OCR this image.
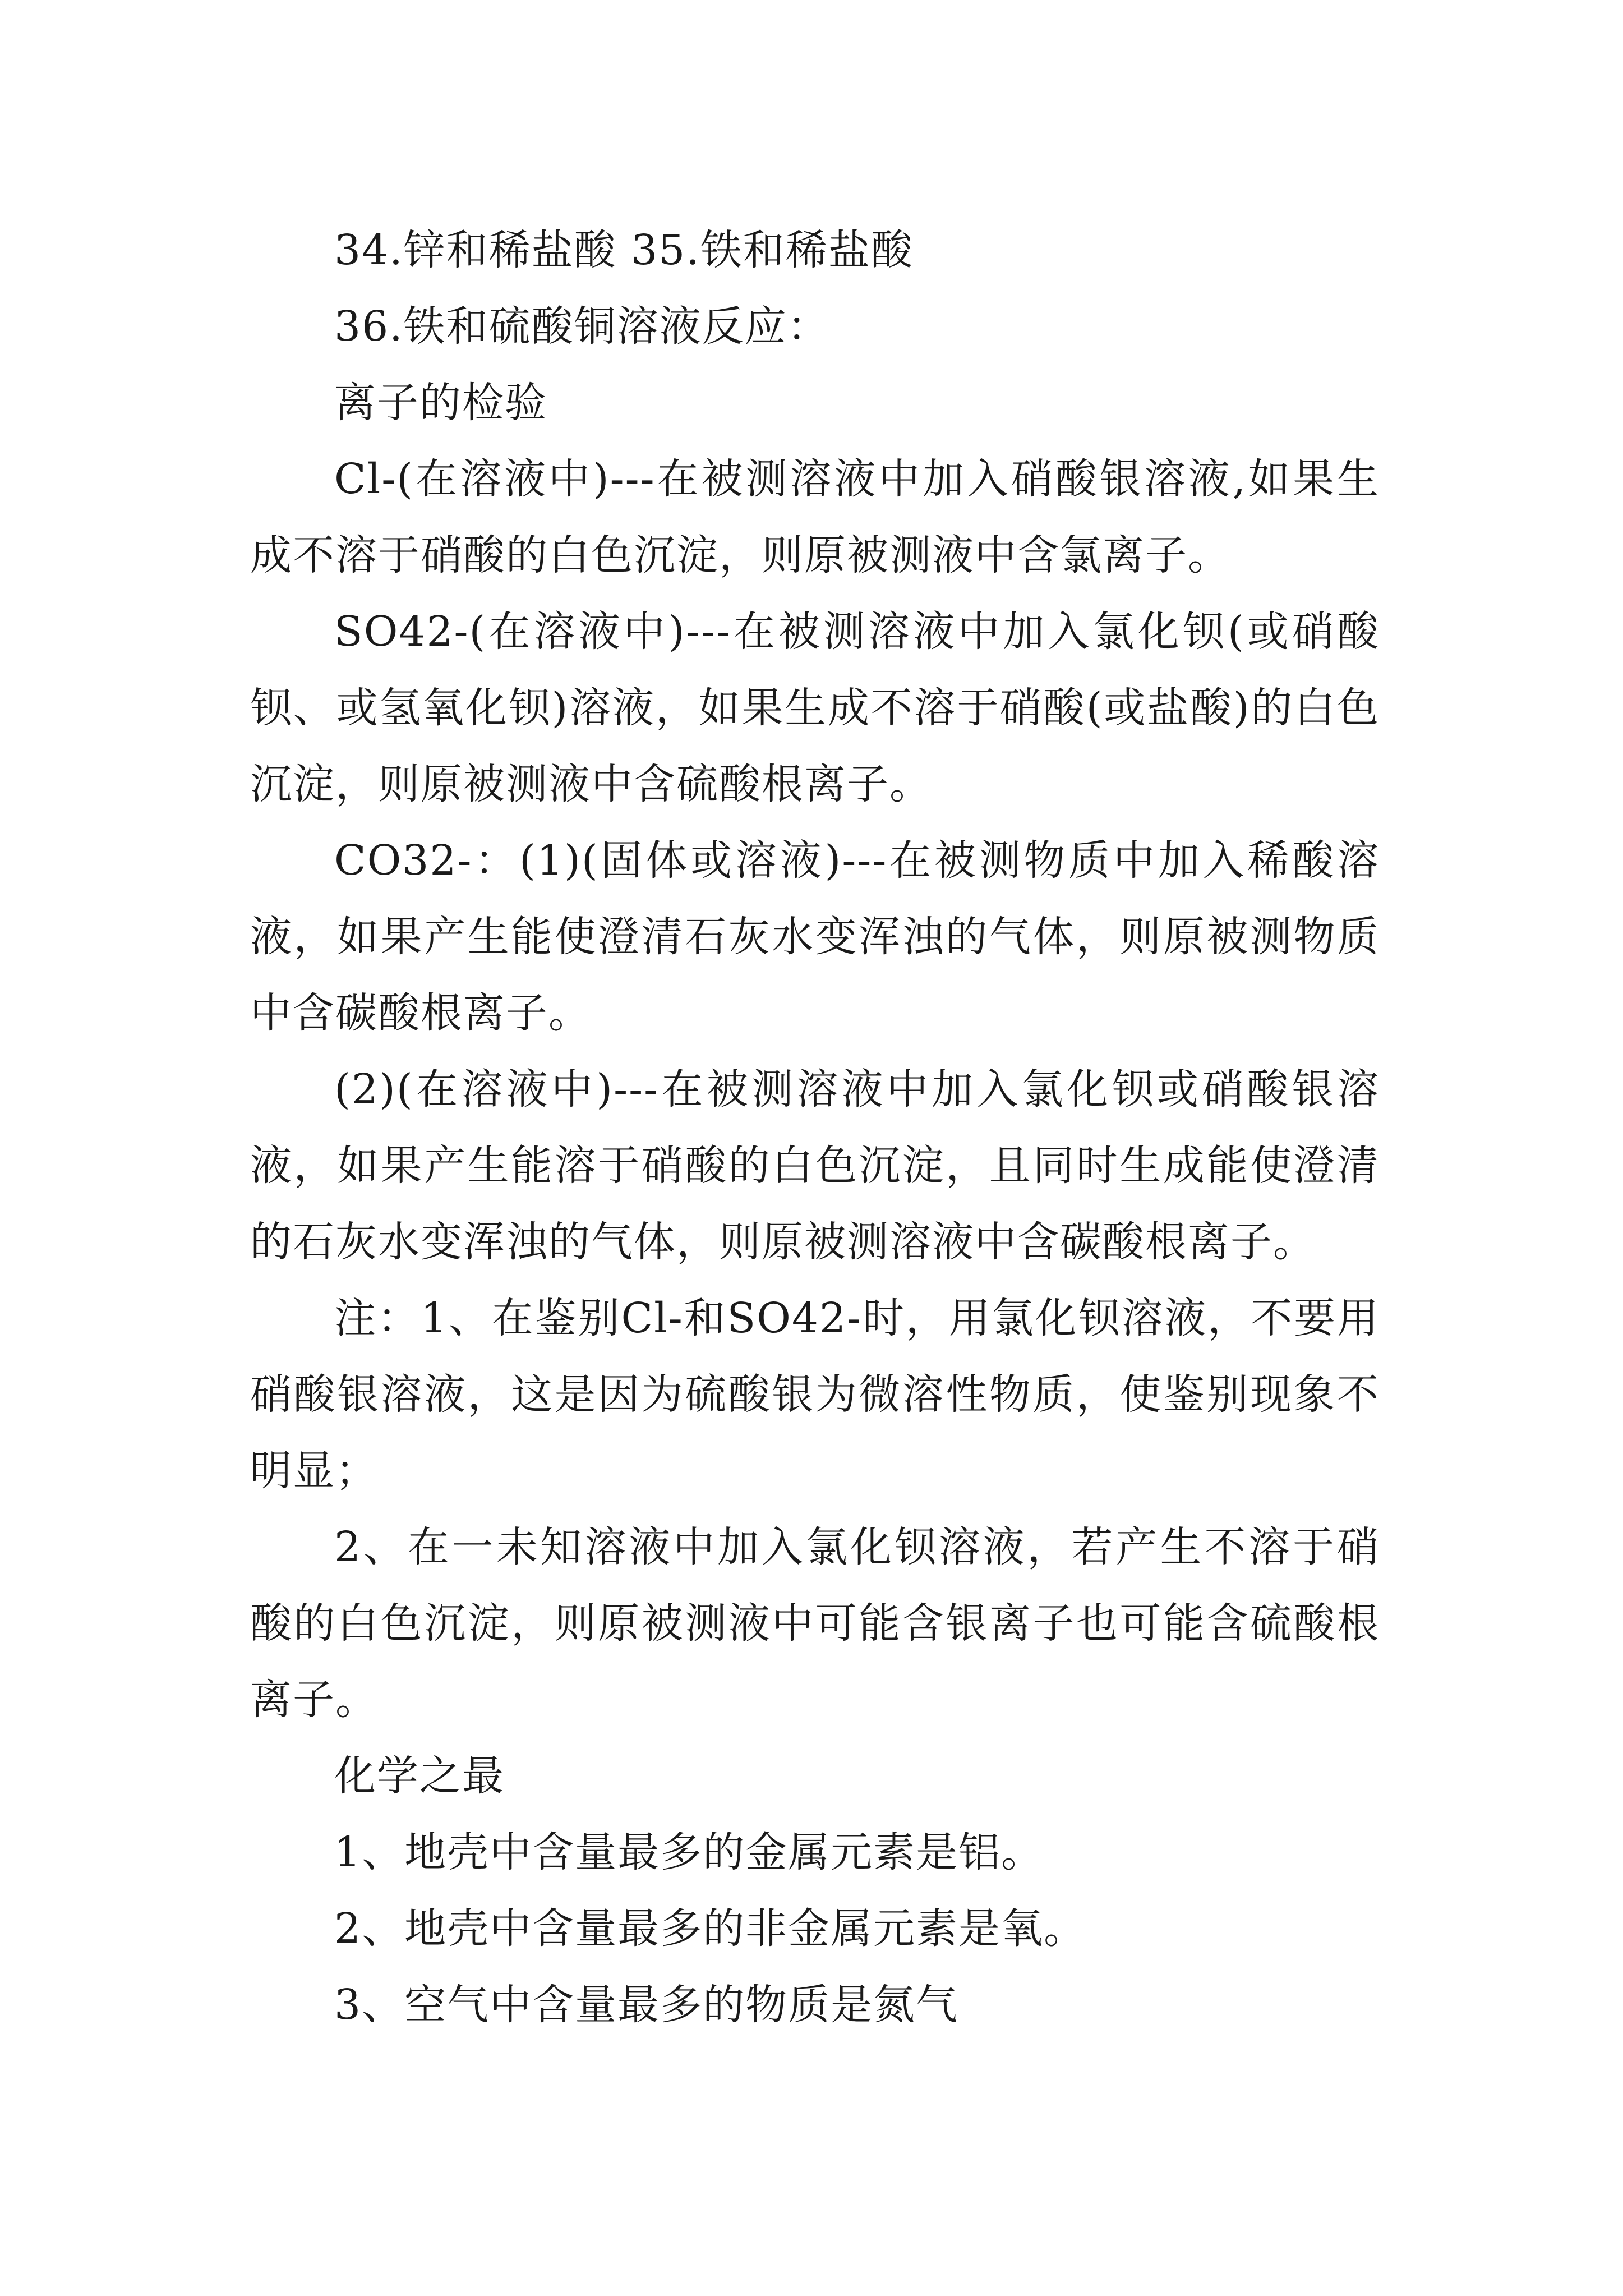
34.锌和稀盐酸 35.铁和稀盐酸

36.铁和硫酸铜溶液反应：

离子的检验

Cl-(在溶液中)---在被测溶液中加入硝酸银溶液,如果生成不溶于硝酸的白色沉淀，则原被测液中含氯离子。

SO42-(在溶液中)---在被测溶液中加入氯化钡(或硝酸钡、或氢氧化钡)溶液，如果生成不溶于硝酸(或盐酸)的白色沉淀，则原被测液中含硫酸根离子。

CO32-：(1)(固体或溶液)---在被测物质中加入稀酸溶液，如果产生能使澄清石灰水变浑浊的气体，则原被测物质中含碳酸根离子。

(2)(在溶液中)---在被测溶液中加入氯化钡或硝酸银溶液，如果产生能溶于硝酸的白色沉淀，且同时生成能使澄清的石灰水变浑浊的气体，则原被测溶液中含碳酸根离子。

注：1、在鉴别Cl-和SO42-时，用氯化钡溶液，不要用硝酸银溶液，这是因为硫酸银为微溶性物质，使鉴别现象不明显；

2、在一未知溶液中加入氯化钡溶液，若产生不溶于硝酸的白色沉淀，则原被测液中可能含银离子也可能含硫酸根离子。

化学之最

1、地壳中含量最多的金属元素是铝。

2、地壳中含量最多的非金属元素是氧。

3、空气中含量最多的物质是氮气
